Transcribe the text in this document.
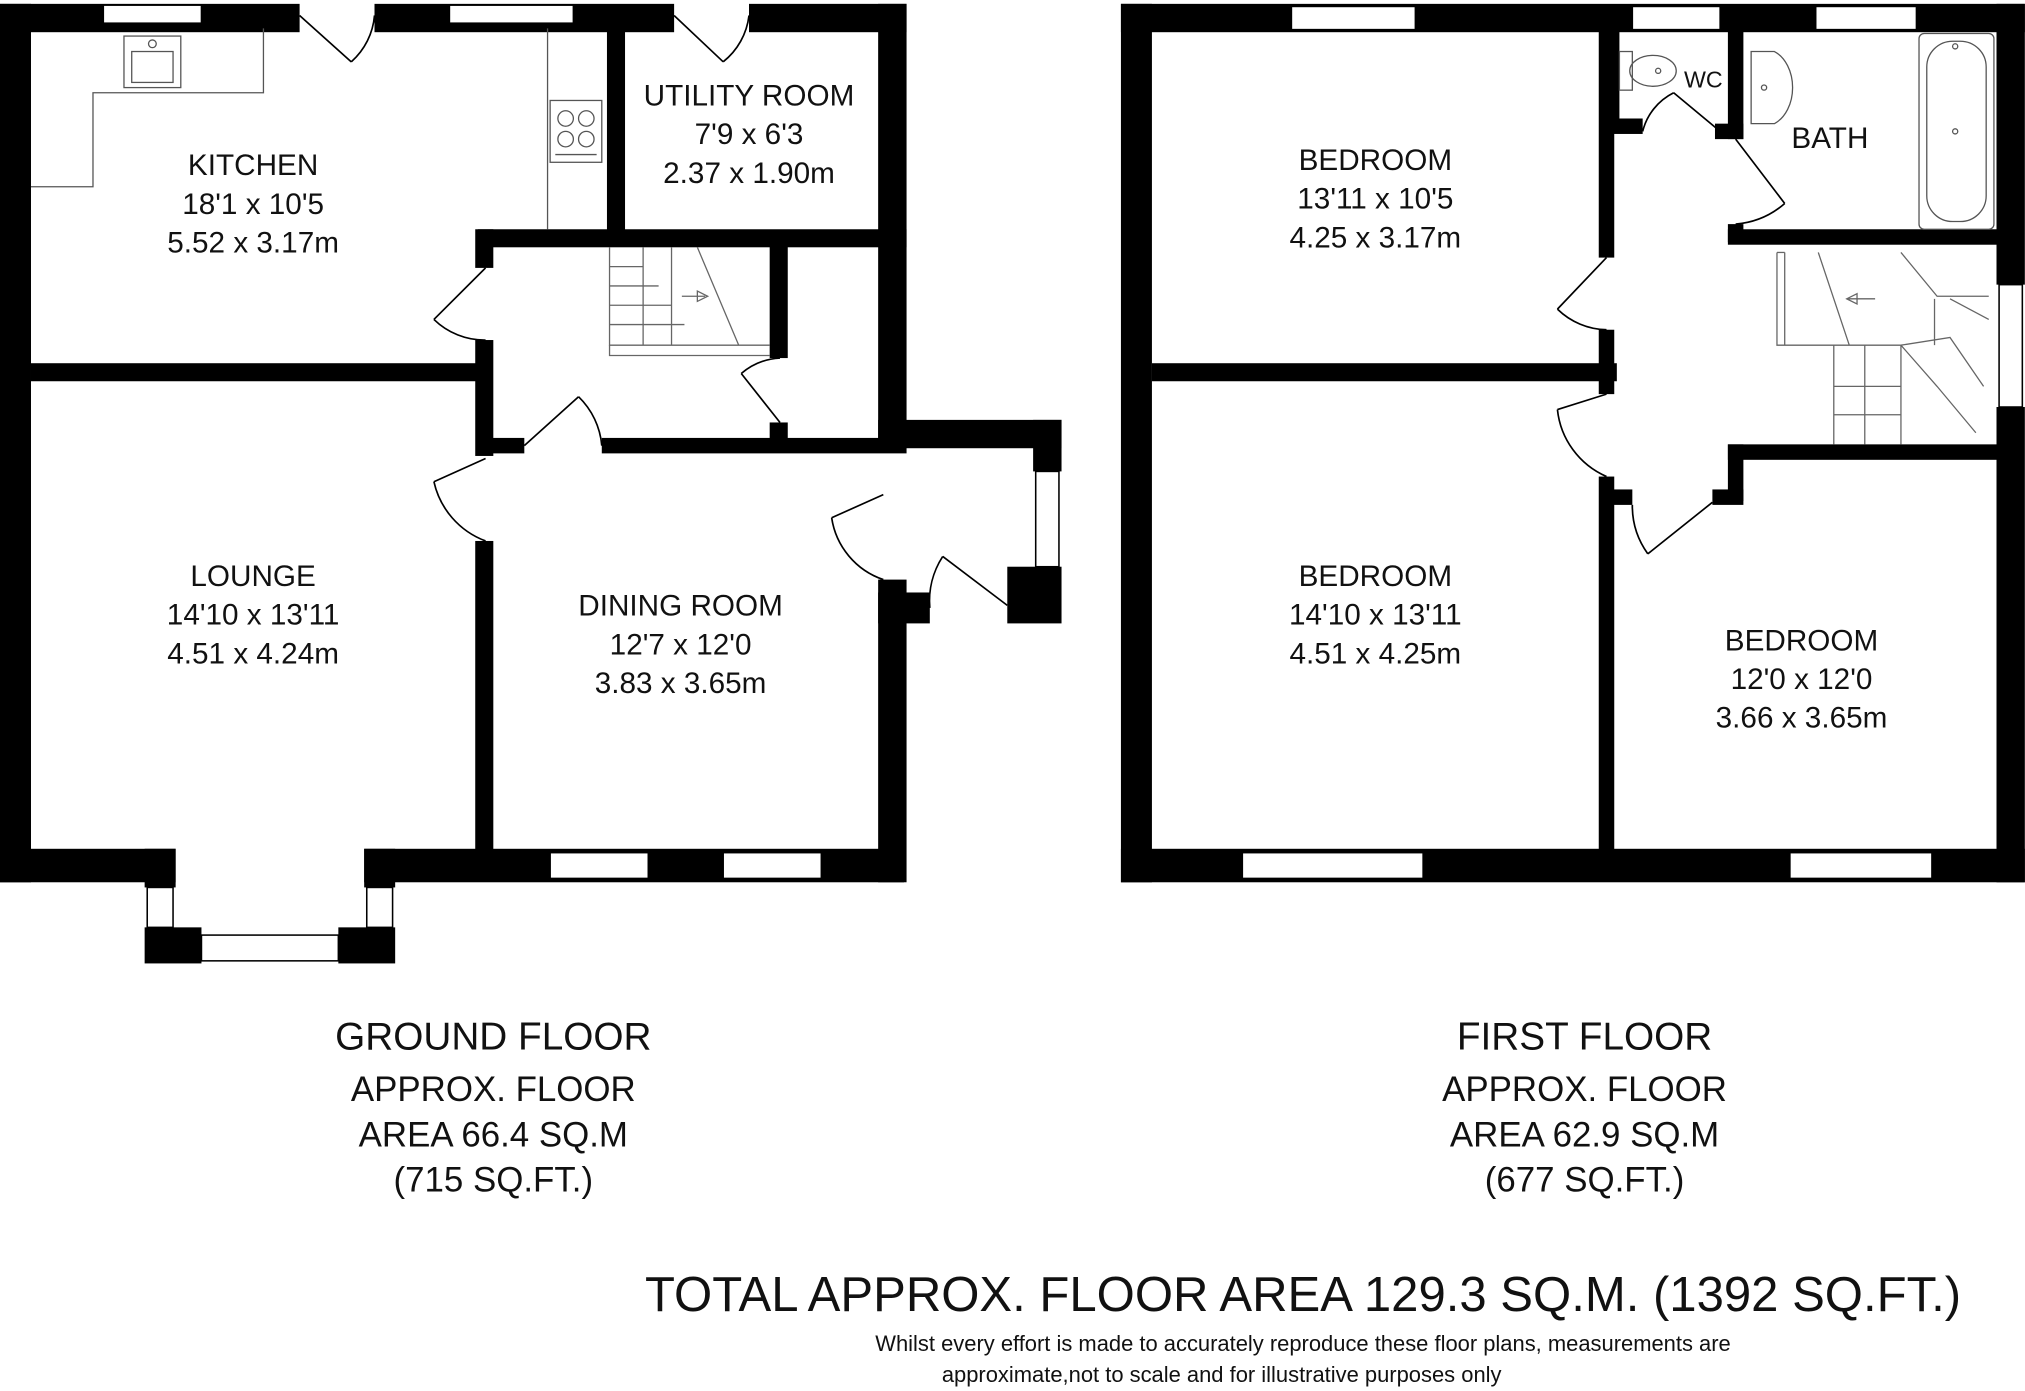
KITCHEN
18'1 x 10'5
5.52 x 3.17m
UTILITY ROOM
7'9 x 6'3
2.37 x 1.90m
LOUNGE
14'10 x 13'11
4.51 x 4.24m
DINING ROOM
12'7 x 12'0
3.83 x 3.65m
GROUND FLOOR
APPROX. FLOOR
AREA 66.4 SQ.M
(715 SQ.FT.)
BEDROOM
13'11 x 10'5
4.25 x 3.17m
WC
BATH
BEDROOM
14'10 x 13'11
4.51 x 4.25m	BEDROOM
12'0 x 12'0
3.66 x 3.65m
FIRST FLOOR
APPROX. FLOOR
AREA 62.9 SQ.M
(677 SQ.FT.)
TOTAL APPROX. FLOOR AREA 129.3 SQ.M. (1392 SQ.FT.)
Whilst every effort is made to accurately reproduce these floor plans, measurements are
approximate,not to scale and for illustrative purposes only
